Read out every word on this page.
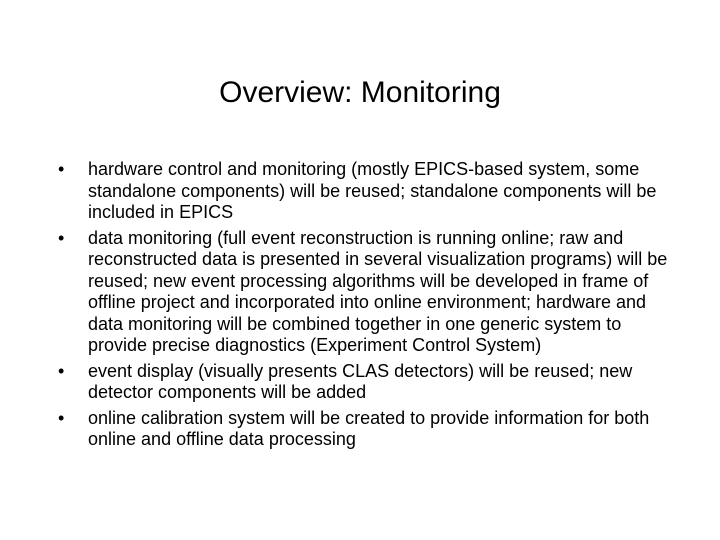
Overview: Monitoring
•	hardware control and monitoring (mostly EPICS-based system, some standalone components) will be reused; standalone components will be included in EPICS
•	data monitoring (full event reconstruction is running online; raw and reconstructed data is presented in several visualization programs) will be reused; new event processing algorithms will be developed in frame of offline project and incorporated into online environment; hardware and data monitoring will be combined together in one generic system to provide precise diagnostics (Experiment Control System)
•	event display (visually presents CLAS detectors) will be reused; new detector components will be added
•	online calibration system will be created to provide information for both online and offline data processing
